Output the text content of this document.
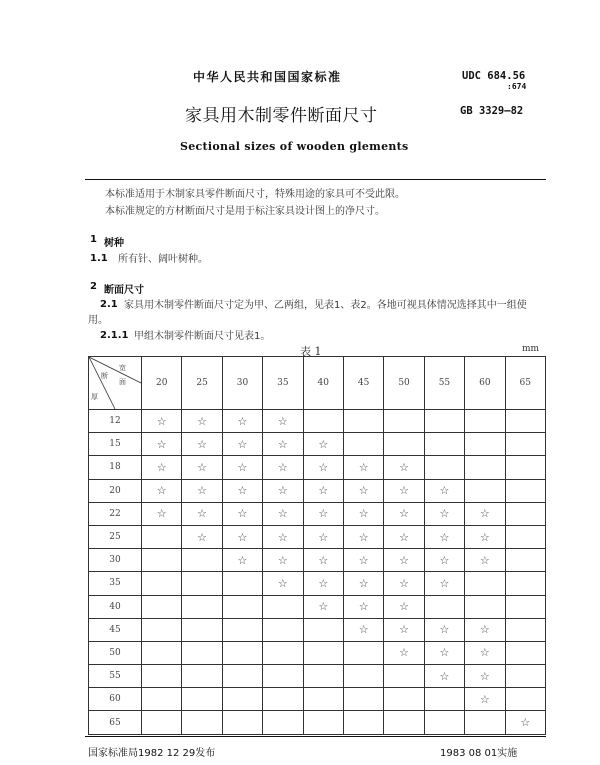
中华人民共和国国家标准	UDC 684.56
:674
GB 3329—82
家具用木制零件断面尺寸
Sectional sizes of wooden glements
本标准适用于木制家具零件断面尺寸，特殊用途的家具可不受此限。
本标准规定的方材断面尺寸是用于标注家具设计图上的净尺寸。
1 树种
1.1 所有针、阔叶树种。
2 断面尺寸
2.1 家具用木制零件断面尺寸定为甲、乙两组，见表1、表2。各地可视具体情况选择其中一组使
用。
2.1.1 甲组木制零件断面尺寸见表1。
表 1	mm
宽
断
面
厚	20	25	30	35	40	45	50	55	60	65
12	☆	☆	☆	☆						
15	☆	☆	☆	☆	☆					
18	☆	☆	☆	☆	☆	☆	☆			
20	☆	☆	☆	☆	☆	☆	☆	☆		
22	☆	☆	☆	☆	☆	☆	☆	☆	☆	
25		☆	☆	☆	☆	☆	☆	☆	☆	
30			☆	☆	☆	☆	☆	☆	☆	
35				☆	☆	☆	☆	☆		
40					☆	☆	☆			
45						☆	☆	☆	☆	
50							☆	☆	☆	
55								☆	☆	
60									☆	
65										☆
国家标准局1982 12 29发布	1983 08 01实施
